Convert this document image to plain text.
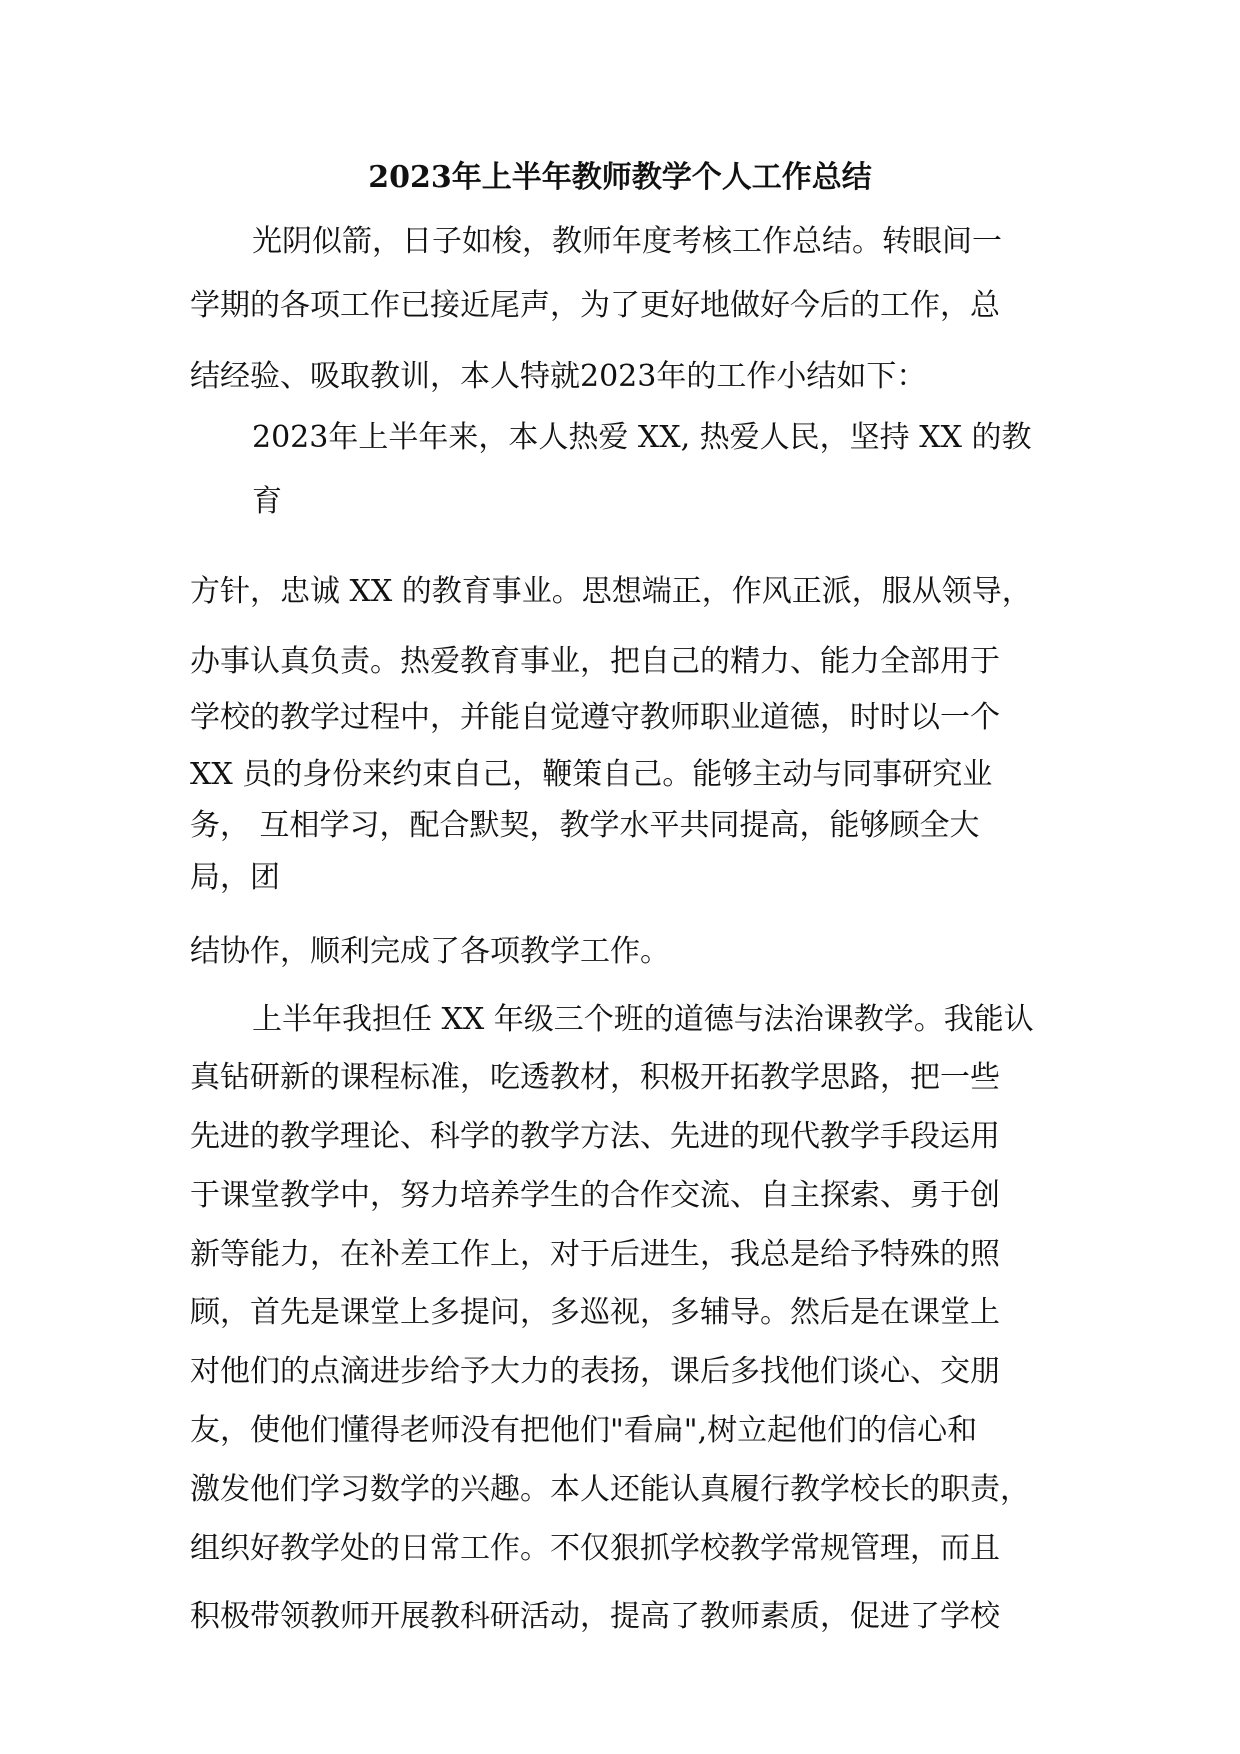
2023年上半年教师教学个人工作总结
光阴似箭，日子如梭，教师年度考核工作总结。转眼间一
学期的各项工作已接近尾声，为了更好地做好今后的工作，总
结经验、吸取教训，本人特就2023年的工作小结如下：
2023年上半年来，本人热爱 XX, 热爱人民，坚持 XX 的教
育
方针，忠诚 XX 的教育事业。思想端正，作风正派，服从领导，
办事认真负责。热爱教育事业，把自己的精力、能力全部用于
学校的教学过程中，并能自觉遵守教师职业道德，时时以一个
XX 员的身份来约束自己，鞭策自己。能够主动与同事研究业
务， 互相学习，配合默契，教学水平共同提高，能够顾全大
局，团
结协作，顺利完成了各项教学工作。
上半年我担任 XX 年级三个班的道德与法治课教学。我能认
真钻研新的课程标准，吃透教材，积极开拓教学思路，把一些
先进的教学理论、科学的教学方法、先进的现代教学手段运用
于课堂教学中，努力培养学生的合作交流、自主探索、勇于创
新等能力，在补差工作上，对于后进生，我总是给予特殊的照
顾，首先是课堂上多提问，多巡视，多辅导。然后是在课堂上
对他们的点滴进步给予大力的表扬，课后多找他们谈心、交朋
友，使他们懂得老师没有把他们"看扁",树立起他们的信心和
激发他们学习数学的兴趣。本人还能认真履行教学校长的职责，
组织好教学处的日常工作。不仅狠抓学校教学常规管理，而且
积极带领教师开展教科研活动，提高了教师素质，促进了学校
